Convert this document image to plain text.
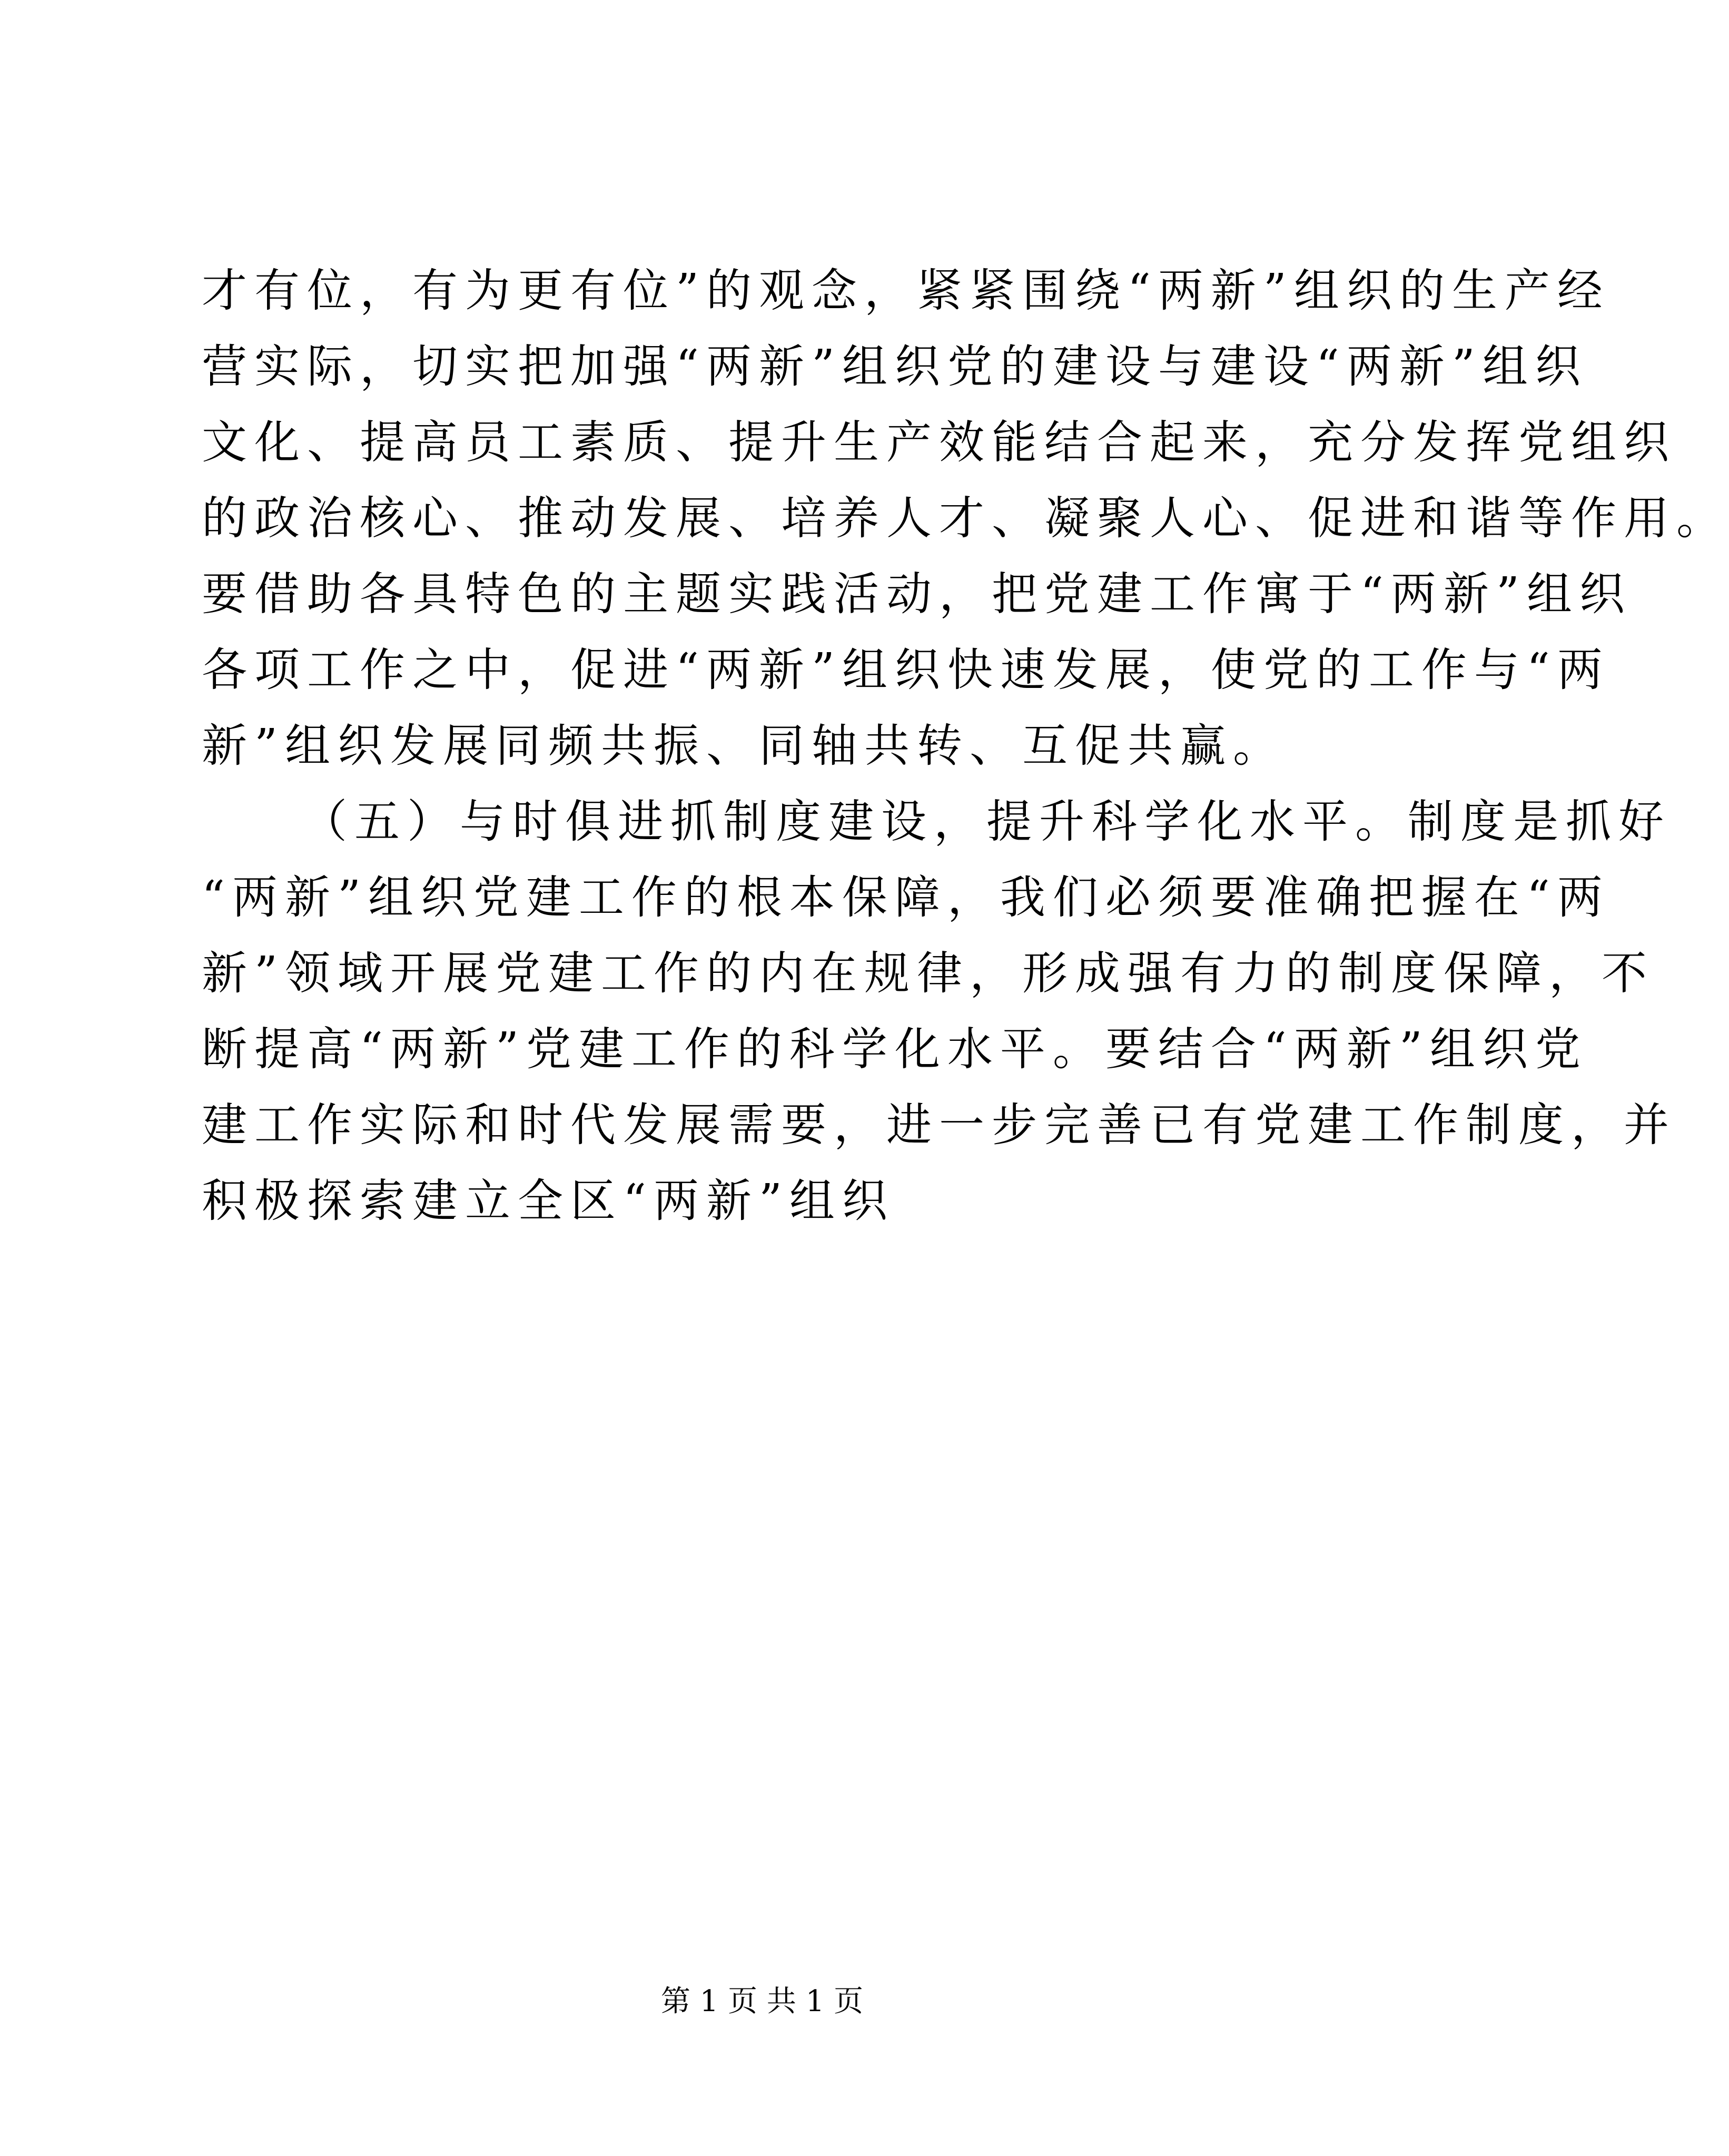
才有位，有为更有位”的观念，紧紧围绕“两新”组织的生产经
营实际，切实把加强“两新”组织党的建设与建设“两新”组织
文化、提高员工素质、提升生产效能结合起来，充分发挥党组织
的政治核心、推动发展、培养人才、凝聚人心、促进和谐等作用。
要借助各具特色的主题实践活动，把党建工作寓于“两新”组织
各项工作之中，促进“两新”组织快速发展，使党的工作与“两
新”组织发展同频共振、同轴共转、互促共赢。
（五）与时俱进抓制度建设，提升科学化水平。制度是抓好
“两新”组织党建工作的根本保障，我们必须要准确把握在“两
新”领域开展党建工作的内在规律，形成强有力的制度保障，不
断提高“两新”党建工作的科学化水平。要结合“两新”组织党
建工作实际和时代发展需要，进一步完善已有党建工作制度，并
积极探索建立全区“两新”组织
第 1 页 共 1 页
